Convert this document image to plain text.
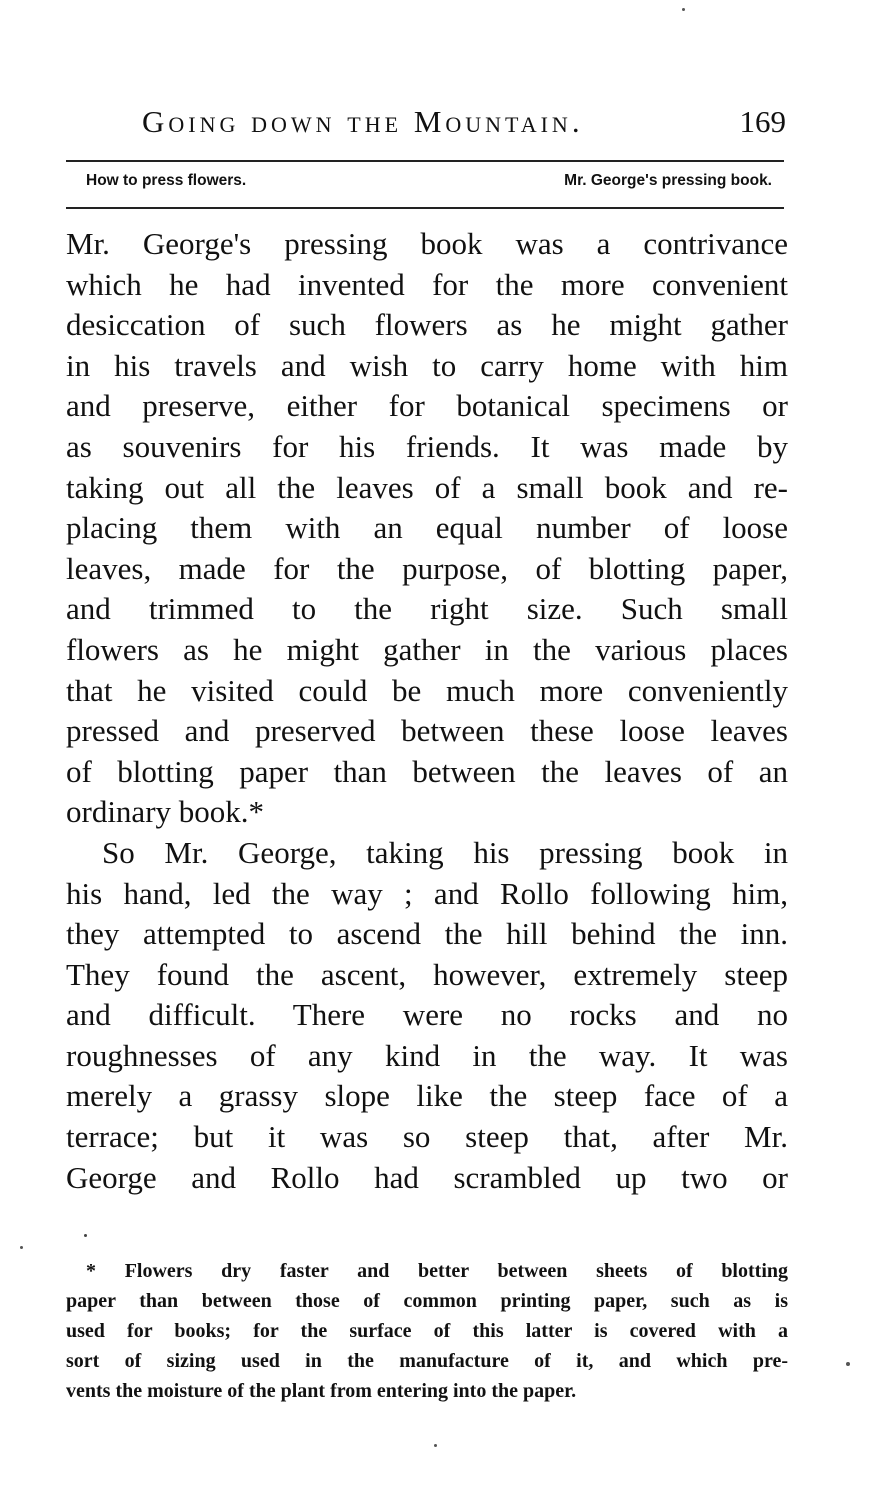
Going down the Mountain.	169
How to press flowers.	Mr. George's pressing book.
Mr. George's pressing book was a contrivance
which he had invented for the more convenient
desiccation of such flowers as he might gather
in his travels and wish to carry home with him
and preserve, either for botanical specimens or
as souvenirs for his friends. It was made by
taking out all the leaves of a small book and re-
placing them with an equal number of loose
leaves, made for the purpose, of blotting paper,
and trimmed to the right size. Such small
flowers as he might gather in the various places
that he visited could be much more conveniently
pressed and preserved between these loose leaves
of blotting paper than between the leaves of an
ordinary book.*
So Mr. George, taking his pressing book in
his hand, led the way ; and Rollo following him,
they attempted to ascend the hill behind the inn.
They found the ascent, however, extremely steep
and difficult. There were no rocks and no
roughnesses of any kind in the way. It was
merely a grassy slope like the steep face of a
terrace; but it was so steep that, after Mr.
George and Rollo had scrambled up two or
* Flowers dry faster and better between sheets of blotting
paper than between those of common printing paper, such as is
used for books; for the surface of this latter is covered with a
sort of sizing used in the manufacture of it, and which pre-
vents the moisture of the plant from entering into the paper.
